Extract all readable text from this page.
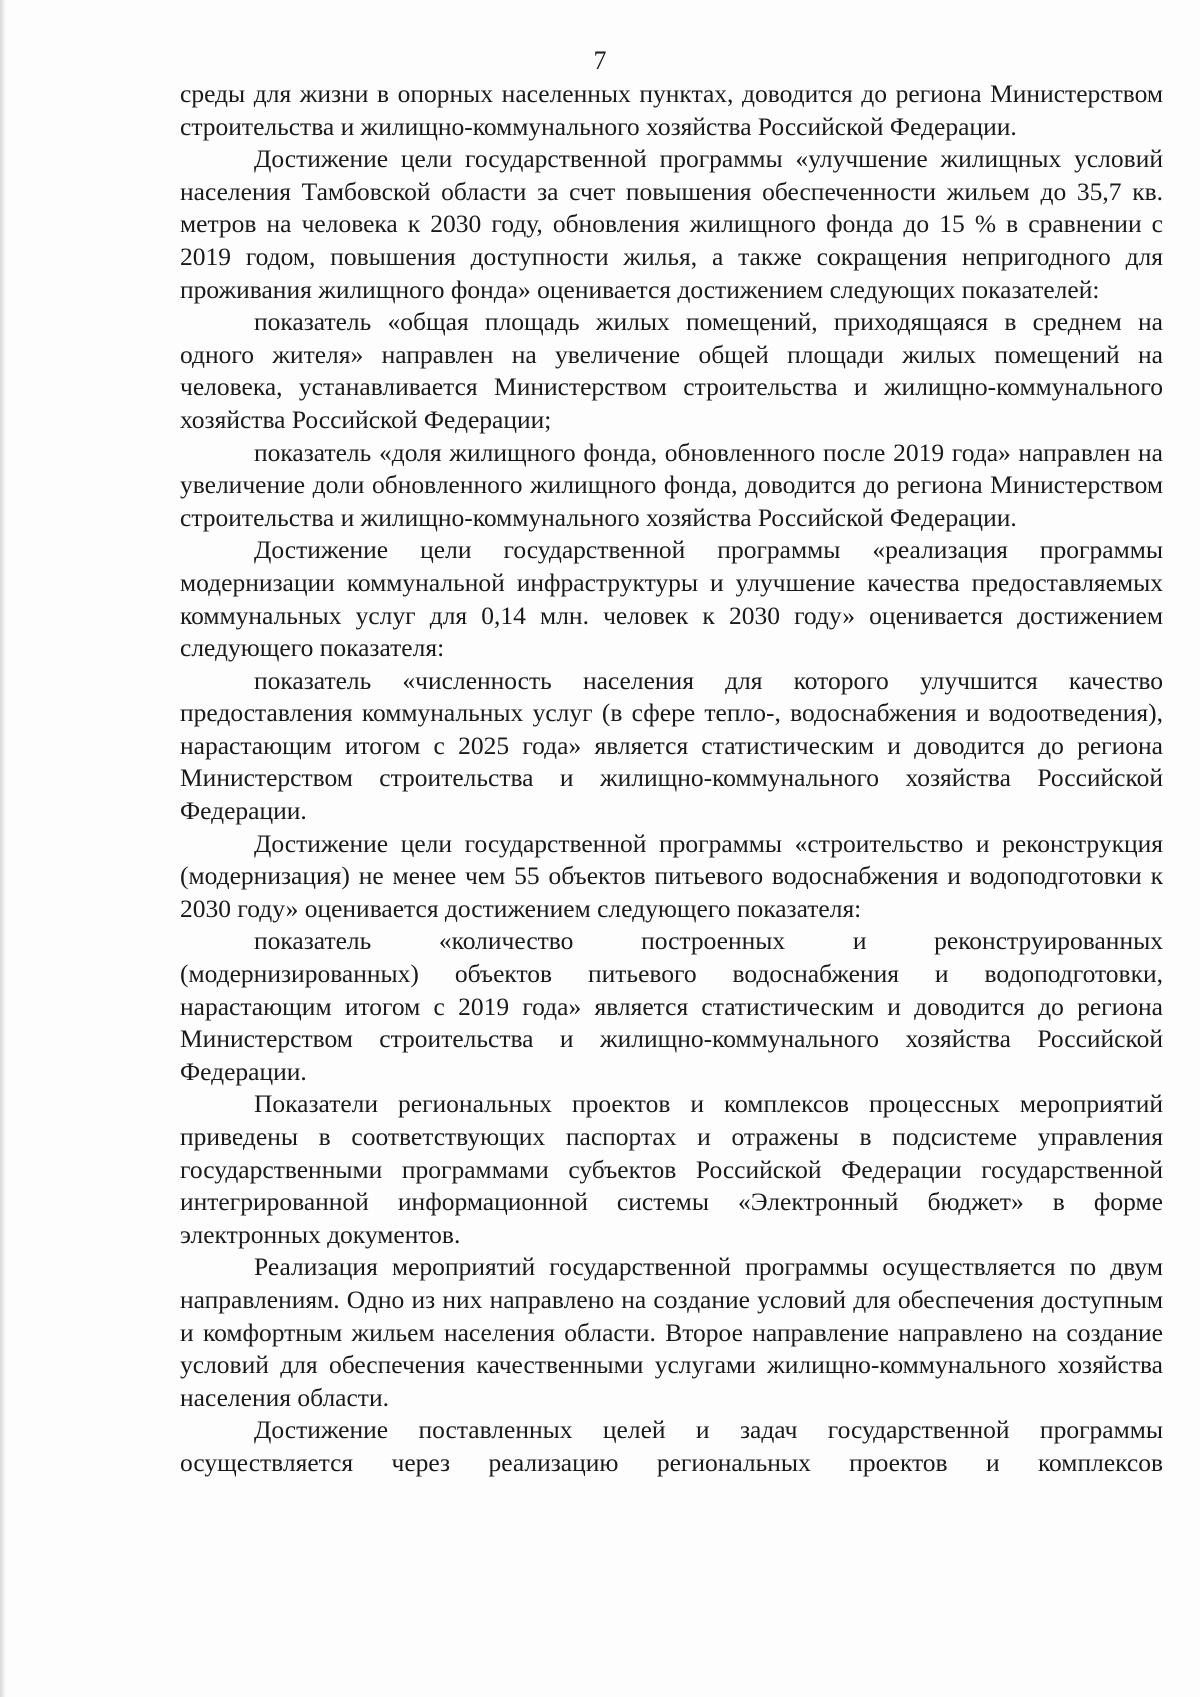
7

среды для жизни в опорных населенных пунктах, доводится до региона Министерством строительства и жилищно-коммунального хозяйства Российской Федерации.

Достижение цели государственной программы «улучшение жилищных условий населения Тамбовской области за счет повышения обеспеченности жильем до 35,7 кв. метров на человека к 2030 году, обновления жилищного фонда до 15 % в сравнении с 2019 годом, повышения доступности жилья, а также сокращения непригодного для проживания жилищного фонда» оценивается достижением следующих показателей:

показатель «общая площадь жилых помещений, приходящаяся в среднем на одного жителя» направлен на увеличение общей площади жилых помещений на человека, устанавливается Министерством строительства и жилищно-коммунального хозяйства Российской Федерации;

показатель «доля жилищного фонда, обновленного после 2019 года» направлен на увеличение доли обновленного жилищного фонда, доводится до региона Министерством строительства и жилищно-коммунального хозяйства Российской Федерации.

Достижение цели государственной программы «реализация программы модернизации коммунальной инфраструктуры и улучшение качества предоставляемых коммунальных услуг для 0,14 млн. человек к 2030 году» оценивается достижением следующего показателя:

показатель «численность населения для которого улучшится качество предоставления коммунальных услуг (в сфере тепло-, водоснабжения и водоотведения), нарастающим итогом с 2025 года» является статистическим и доводится до региона Министерством строительства и жилищно-коммунального хозяйства Российской Федерации.

Достижение цели государственной программы «строительство и реконструкция (модернизация) не менее чем 55 объектов питьевого водоснабжения и водоподготовки к 2030 году» оценивается достижением следующего показателя:

показатель «количество построенных и реконструированных (модернизированных) объектов питьевого водоснабжения и водоподготовки, нарастающим итогом с 2019 года» является статистическим и доводится до региона Министерством строительства и жилищно-коммунального хозяйства Российской Федерации.

Показатели региональных проектов и комплексов процессных мероприятий приведены в соответствующих паспортах и отражены в подсистеме управления государственными программами субъектов Российской Федерации государственной интегрированной информационной системы «Электронный бюджет» в форме электронных документов.

Реализация мероприятий государственной программы осуществляется по двум направлениям. Одно из них направлено на создание условий для обеспечения доступным и комфортным жильем населения области. Второе направление направлено на создание условий для обеспечения качественными услугами жилищно-коммунального хозяйства населения области.

Достижение поставленных целей и задач государственной программы осуществляется через реализацию региональных проектов и комплексов
